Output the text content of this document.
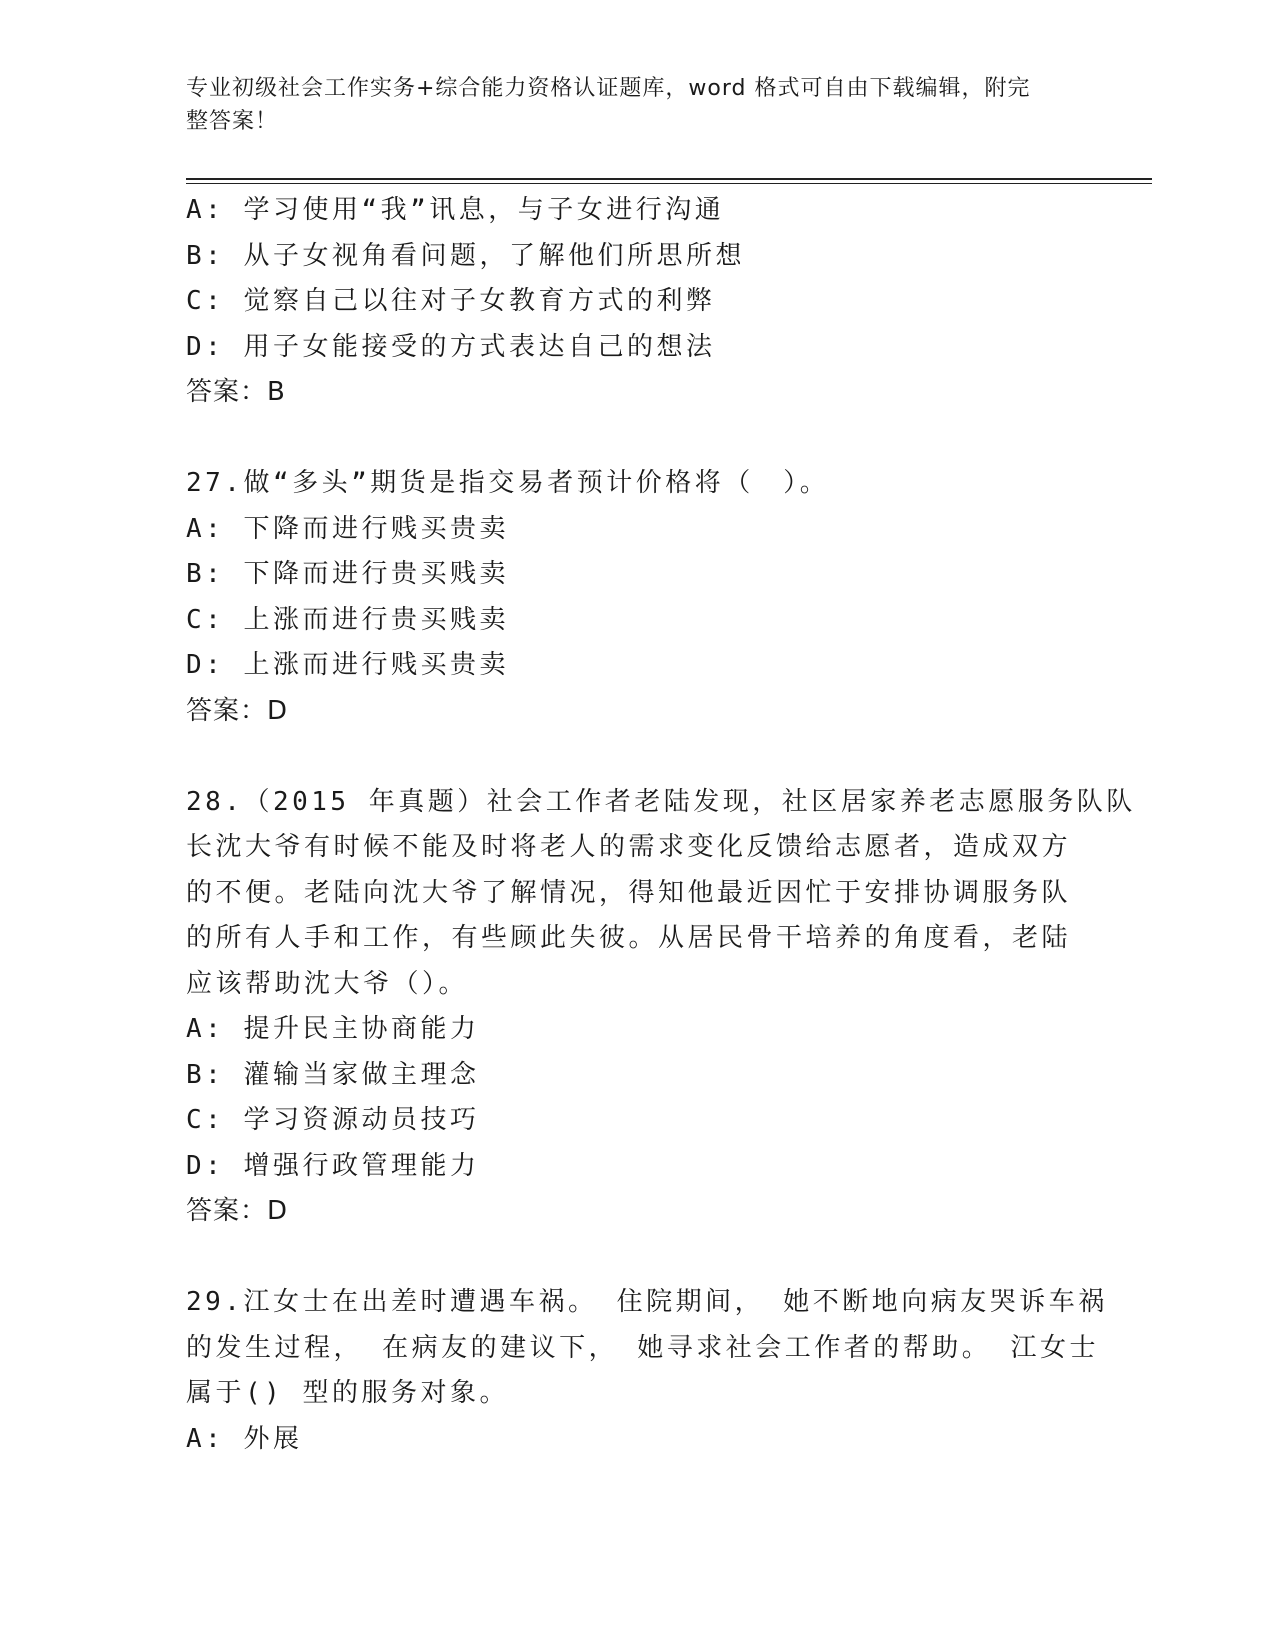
专业初级社会工作实务+综合能力资格认证题库，word 格式可自由下载编辑，附完
整答案！
A: 学习使用“我”讯息，与子女进行沟通
B: 从子女视角看问题，了解他们所思所想
C: 觉察自己以往对子女教育方式的利弊
D: 用子女能接受的方式表达自己的想法
答案：B
27.做“多头”期货是指交易者预计价格将（　）。
A: 下降而进行贱买贵卖
B: 下降而进行贵买贱卖
C: 上涨而进行贵买贱卖
D: 上涨而进行贱买贵卖
答案：D
28.（2015 年真题）社会工作者老陆发现，社区居家养老志愿服务队队
长沈大爷有时候不能及时将老人的需求变化反馈给志愿者，造成双方
的不便。老陆向沈大爷了解情况，得知他最近因忙于安排协调服务队
的所有人手和工作，有些顾此失彼。从居民骨干培养的角度看，老陆
应该帮助沈大爷（）。
A: 提升民主协商能力
B: 灌输当家做主理念
C: 学习资源动员技巧
D: 增强行政管理能力
答案：D
29.江女士在出差时遭遇车祸。 住院期间， 她不断地向病友哭诉车祸
的发生过程， 在病友的建议下， 她寻求社会工作者的帮助。 江女士
属于() 型的服务对象。
A: 外展
